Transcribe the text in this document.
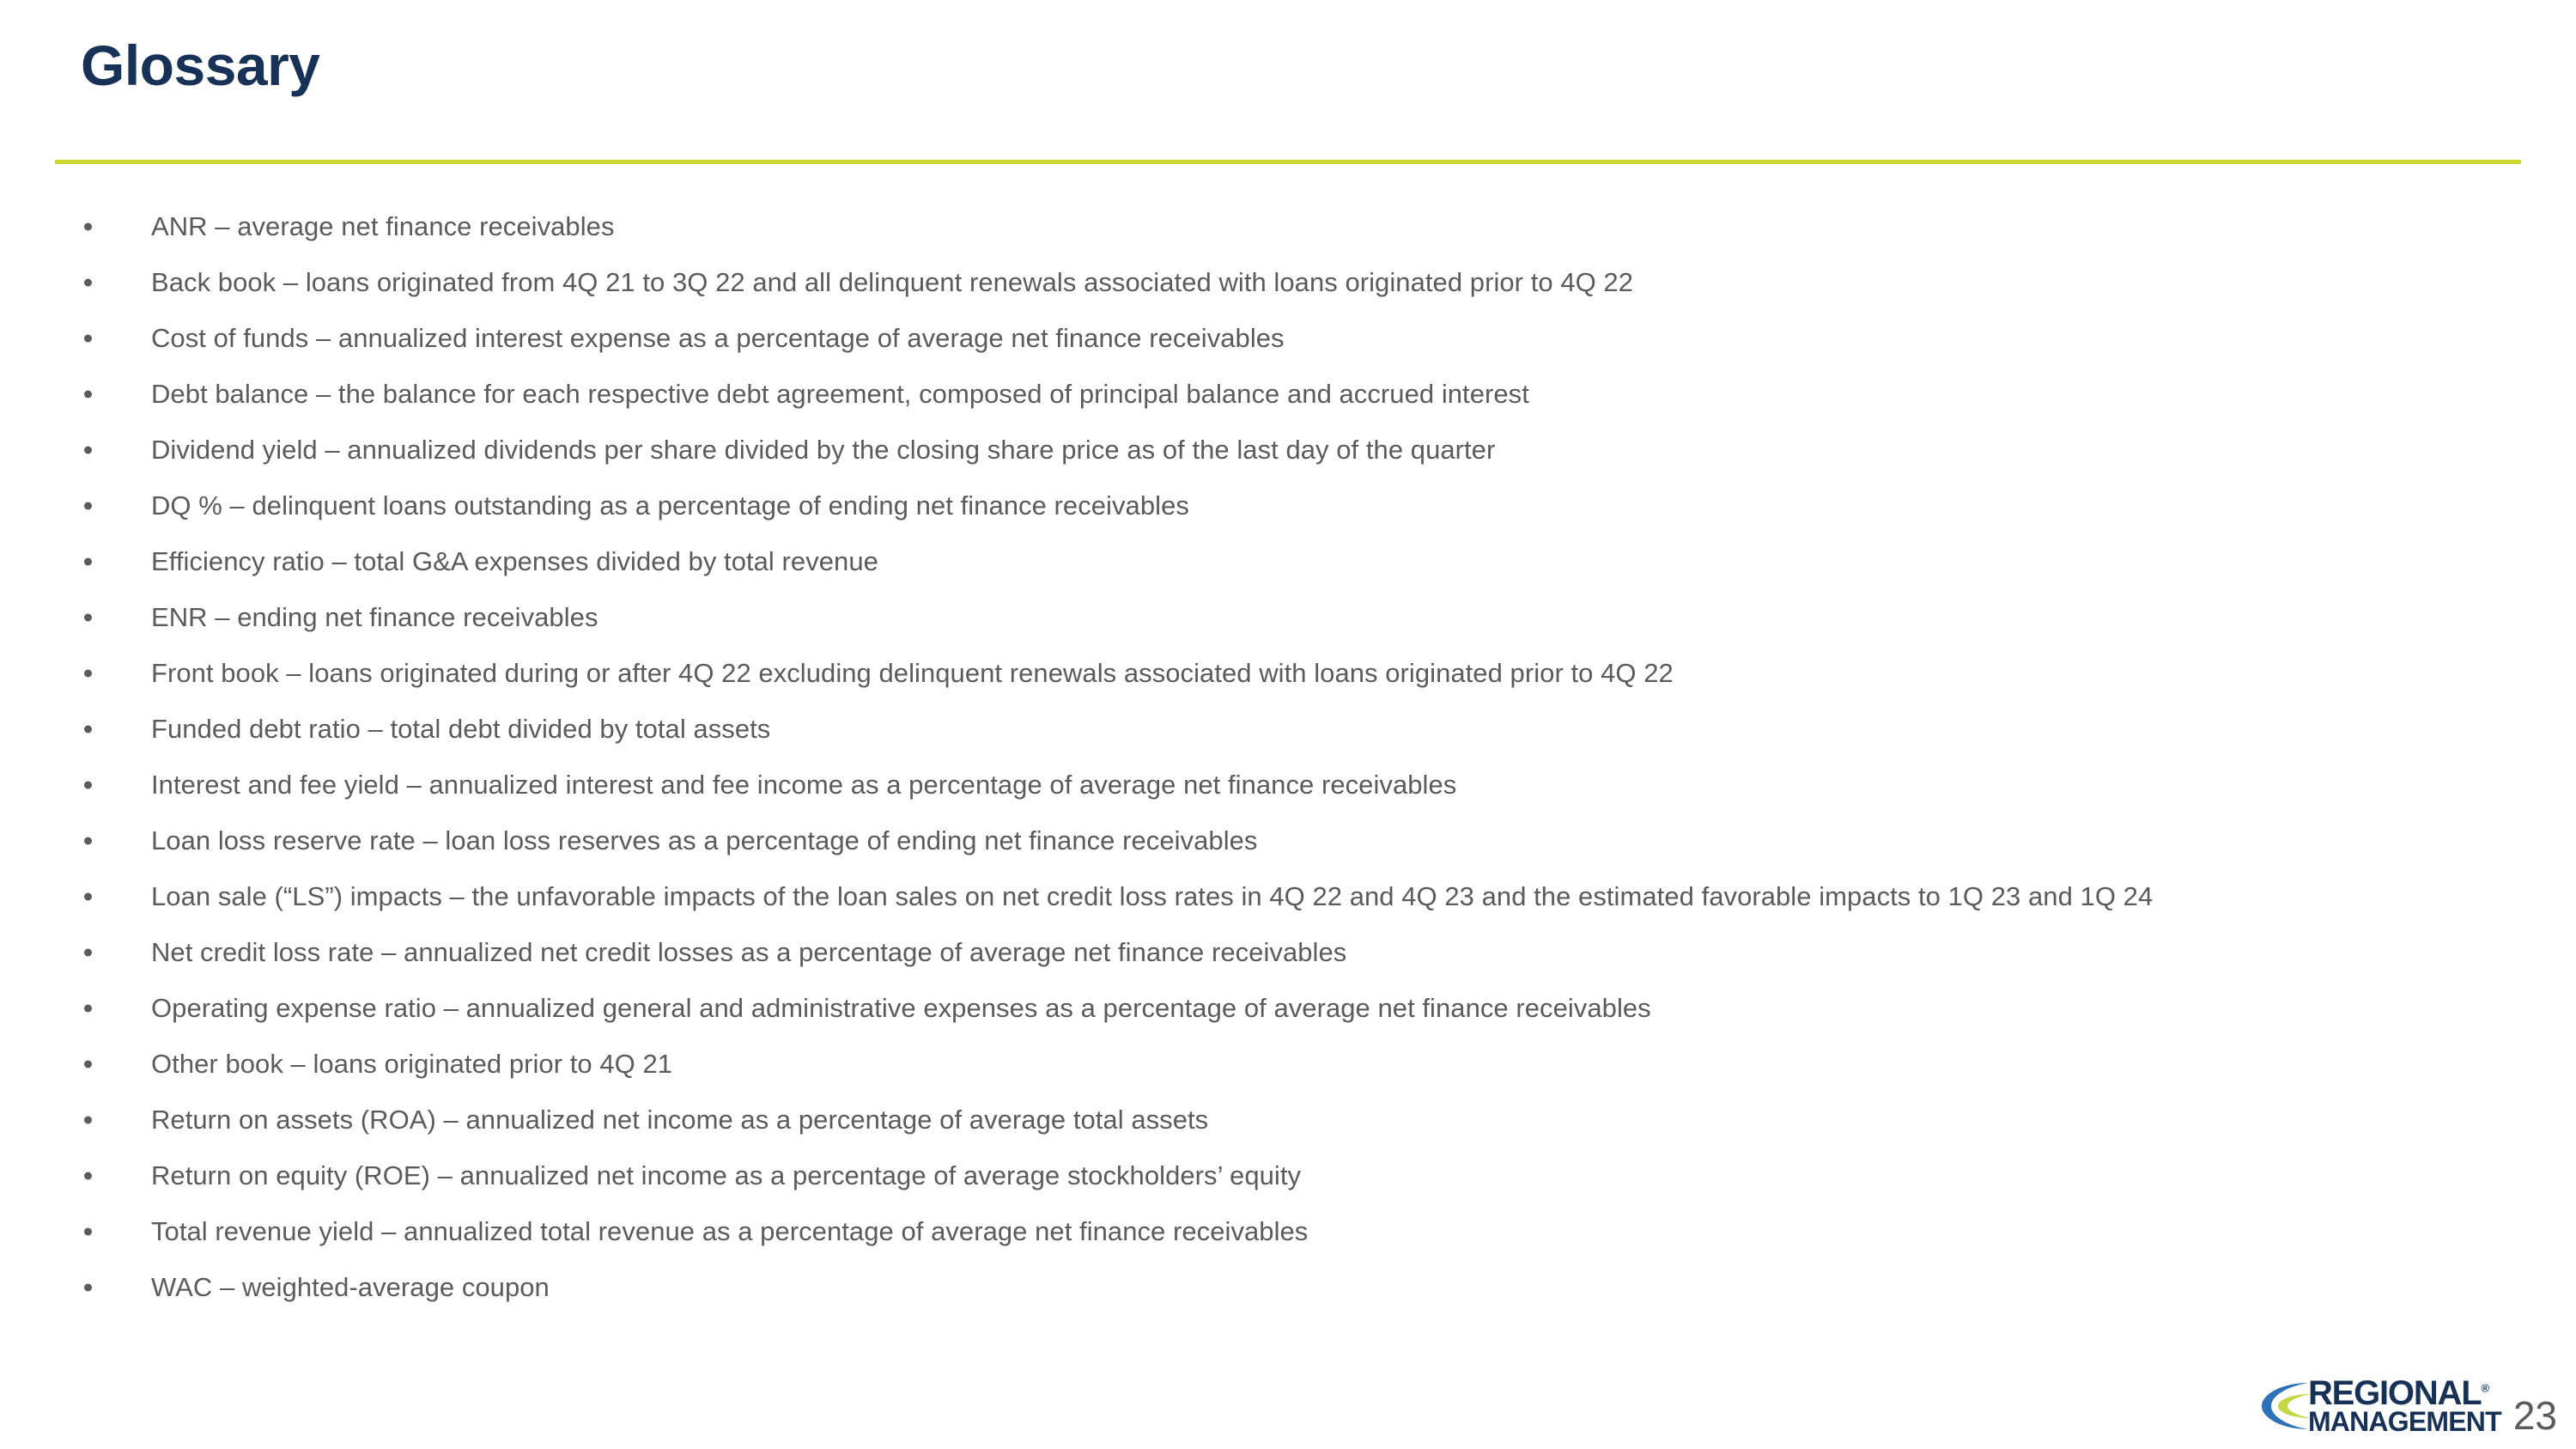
Glossary
ANR – average net finance receivables
Back book – loans originated from 4Q 21 to 3Q 22 and all delinquent renewals associated with loans originated prior to 4Q 22
Cost of funds – annualized interest expense as a percentage of average net finance receivables
Debt balance – the balance for each respective debt agreement, composed of principal balance and accrued interest
Dividend yield – annualized dividends per share divided by the closing share price as of the last day of the quarter
DQ % – delinquent loans outstanding as a percentage of ending net finance receivables
Efficiency ratio – total G&A expenses divided by total revenue
ENR – ending net finance receivables
Front book – loans originated during or after 4Q 22 excluding delinquent renewals associated with loans originated prior to 4Q 22
Funded debt ratio – total debt divided by total assets
Interest and fee yield – annualized interest and fee income as a percentage of average net finance receivables
Loan loss reserve rate – loan loss reserves as a percentage of ending net finance receivables
Loan sale (“LS”) impacts – the unfavorable impacts of the loan sales on net credit loss rates in 4Q 22 and 4Q 23 and the estimated favorable impacts to 1Q 23 and 1Q 24
Net credit loss rate – annualized net credit losses as a percentage of average net finance receivables
Operating expense ratio – annualized general and administrative expenses as a percentage of average net finance receivables
Other book – loans originated prior to 4Q 21
Return on assets (ROA) – annualized net income as a percentage of average total assets
Return on equity (ROE) – annualized net income as a percentage of average stockholders’ equity
Total revenue yield – annualized total revenue as a percentage of average net finance receivables
WAC – weighted-average coupon
REGIONAL®
MANAGEMENT 23
